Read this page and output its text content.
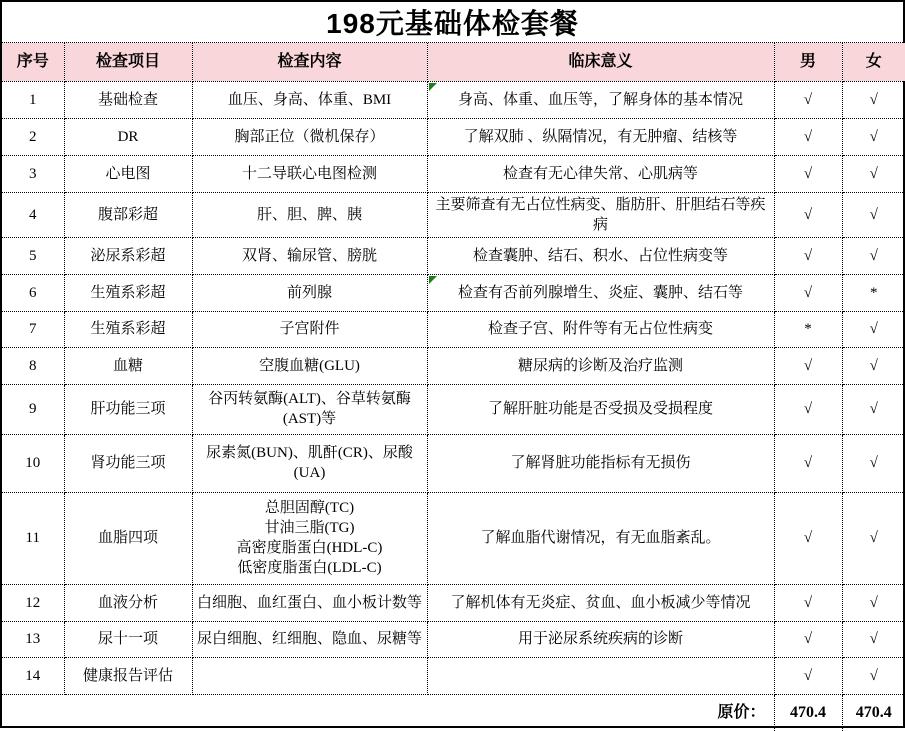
198元基础体检套餐
序号	检查项目	检查内容	临床意义	男	女
1	基础检查	血压、身高、体重、BMI	身高、体重、血压等，了解身体的基本情况	√	√
2	DR	胸部正位（微机保存）	了解双肺 、纵隔情况，有无肿瘤、结核等	√	√
3	心电图	十二导联心电图检测	检查有无心律失常、心肌病等	√	√
4	腹部彩超	肝、胆、脾、胰	主要筛查有无占位性病变、脂肪肝、肝胆结石等疾病	√	√
5	泌尿系彩超	双肾、输尿管、膀胱	检查囊肿、结石、积水、占位性病变等	√	√
6	生殖系彩超	前列腺	检查有否前列腺增生、炎症、囊肿、结石等	√	*
7	生殖系彩超	子宫附件	检查子宫、附件等有无占位性病变	*	√
8	血糖	空腹血糖(GLU)	糖尿病的诊断及治疗监测	√	√
9	肝功能三项	谷丙转氨酶(ALT)、谷草转氨酶(AST)等	了解肝脏功能是否受损及受损程度	√	√
10	肾功能三项	尿素氮(BUN)、肌酐(CR)、尿酸(UA)	了解肾脏功能指标有无损伤	√	√
11	血脂四项	总胆固醇(TC)
甘油三脂(TG)
高密度脂蛋白(HDL-C)
低密度脂蛋白(LDL-C)	了解血脂代谢情况，有无血脂紊乱。	√	√
12	血液分析	白细胞、血红蛋白、血小板计数等	了解机体有无炎症、贫血、血小板减少等情况	√	√
13	尿十一项	尿白细胞、红细胞、隐血、尿糖等	用于泌尿系统疾病的诊断	√	√
14	健康报告评估			√	√
原价：				470.4	470.4
